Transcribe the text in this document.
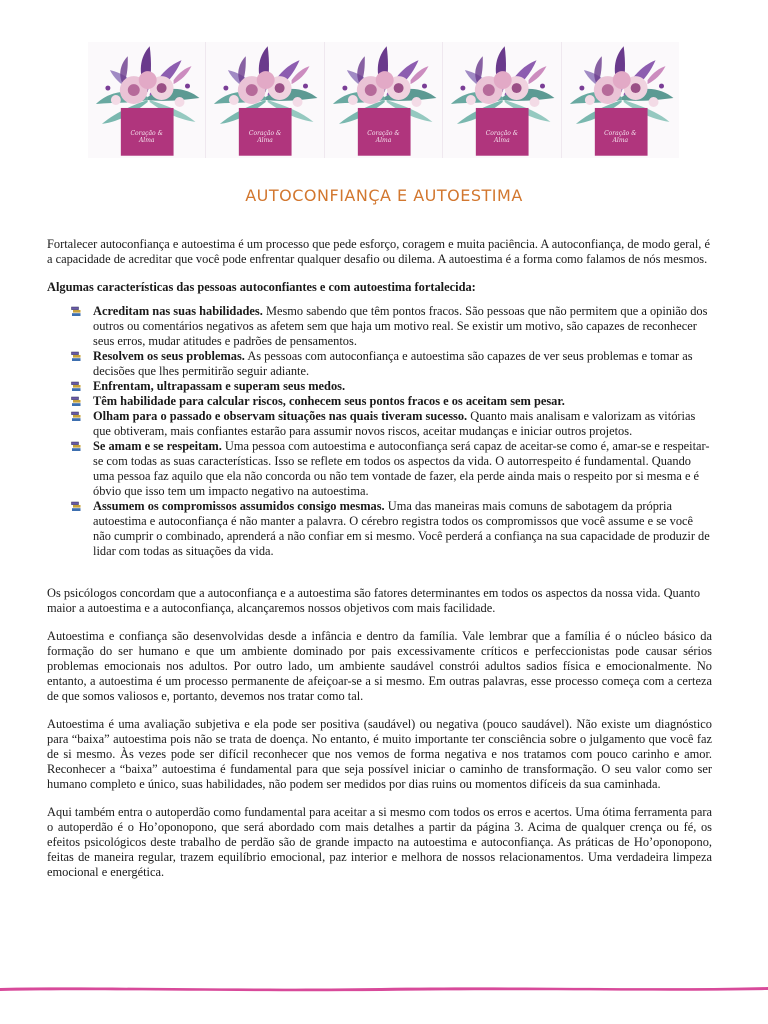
Coração &
Alma
Coração &
Alma
Coração &
Alma
Coração &
Alma
Coração &
Alma
AUTOCONFIANÇA E AUTOESTIMA

Fortalecer autoconfiança e autoestima é um processo que pede esforço, coragem e muita paciência. A autoconfiança, de modo geral, é a capacidade de acreditar que você pode enfrentar qualquer desafio ou dilema. A autoestima é a forma como falamos de nós mesmos.

Algumas características das pessoas autoconfiantes e com autoestima fortalecida:

Acreditam nas suas habilidades. Mesmo sabendo que têm pontos fracos. São pessoas que não permitem que a opinião dos outros ou comentários negativos as afetem sem que haja um motivo real. Se existir um motivo, são capazes de reconhecer seus erros, mudar atitudes e padrões de pensamentos.
Resolvem os seus problemas. As pessoas com autoconfiança e autoestima são capazes de ver seus problemas e tomar as decisões que lhes permitirão seguir adiante.
Enfrentam, ultrapassam e superam seus medos.
Têm habilidade para calcular riscos, conhecem seus pontos fracos e os aceitam sem pesar.
Olham para o passado e observam situações nas quais tiveram sucesso. Quanto mais analisam e valorizam as vitórias que obtiveram, mais confiantes estarão para assumir novos riscos, aceitar mudanças e iniciar outros projetos.
Se amam e se respeitam. Uma pessoa com autoestima e autoconfiança será capaz de aceitar-se como é, amar-se e respeitar-se com todas as suas características. Isso se reflete em todos os aspectos da vida. O autorrespeito é fundamental. Quando uma pessoa faz aquilo que ela não concorda ou não tem vontade de fazer, ela perde ainda mais o respeito por si mesma e é óbvio que isso tem um impacto negativo na autoestima.
Assumem os compromissos assumidos consigo mesmas. Uma das maneiras mais comuns de sabotagem da própria autoestima e autoconfiança é não manter a palavra. O cérebro registra todos os compromissos que você assume e se você não cumprir o combinado, aprenderá a não confiar em si mesmo. Você perderá a confiança na sua capacidade de produzir de lidar com todas as situações da vida.

Os psicólogos concordam que a autoconfiança e a autoestima são fatores determinantes em todos os aspectos da nossa vida. Quanto maior a autoestima e a autoconfiança, alcançaremos nossos objetivos com mais facilidade.

Autoestima e confiança são desenvolvidas desde a infância e dentro da família. Vale lembrar que a família é o núcleo básico da formação do ser humano e que um ambiente dominado por pais excessivamente críticos e perfeccionistas pode causar sérios problemas emocionais nos adultos. Por outro lado, um ambiente saudável constrói adultos sadios física e emocionalmente. No entanto, a autoestima é um processo permanente de afeiçoar-se a si mesmo. Em outras palavras, esse processo começa com a certeza de que somos valiosos e, portanto, devemos nos tratar como tal.

Autoestima é uma avaliação subjetiva e ela pode ser positiva (saudável) ou negativa (pouco saudável). Não existe um diagnóstico para “baixa” autoestima pois não se trata de doença. No entanto, é muito importante ter consciência sobre o julgamento que você faz de si mesmo. Às vezes pode ser difícil reconhecer que nos vemos de forma negativa e nos tratamos com pouco carinho e amor. Reconhecer a “baixa” autoestima é fundamental para que seja possível iniciar o caminho de transformação. O seu valor como ser humano completo e único, suas habilidades, não podem ser medidos por dias ruins ou momentos difíceis da sua caminhada.

Aqui também entra o autoperdão como fundamental para aceitar a si mesmo com todos os erros e acertos. Uma ótima ferramenta para o autoperdão é o Ho’oponopono, que será abordado com mais detalhes a partir da página 3. Acima de qualquer crença ou fé, os efeitos psicológicos deste trabalho de perdão são de grande impacto na autoestima e autoconfiança. As práticas de Ho’oponopono, feitas de maneira regular, trazem equilíbrio emocional, paz interior e melhora de nossos relacionamentos. Uma verdadeira limpeza emocional e energética.
